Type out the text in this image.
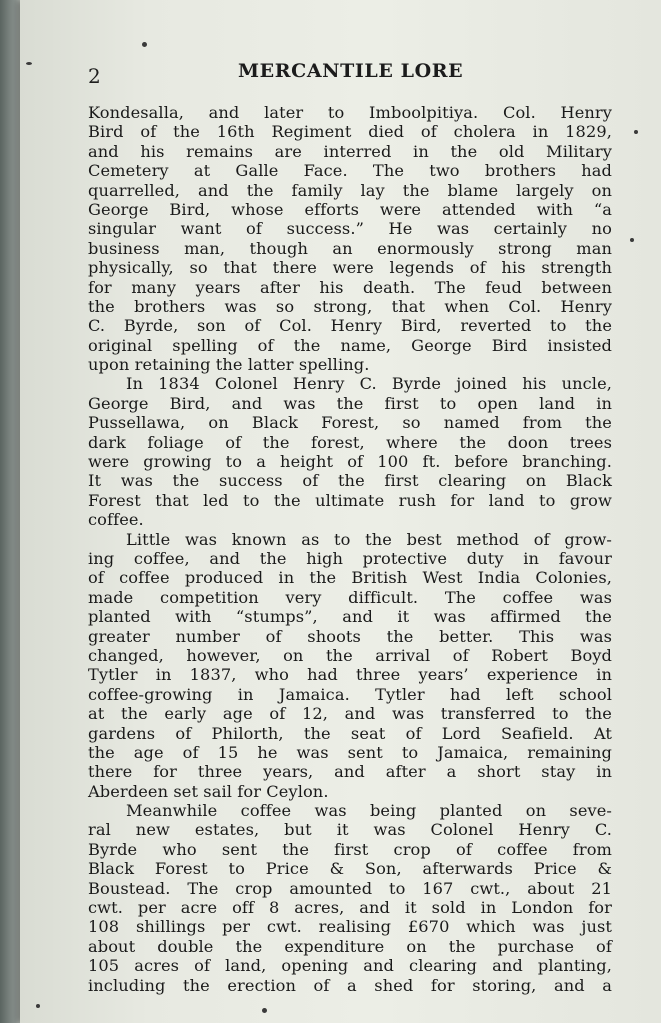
2	MERCANTILE LORE
Kondesalla, and later to Imboolpitiya. Col. Henry
Bird of the 16th Regiment died of cholera in 1829,
and his remains are interred in the old Military
Cemetery at Galle Face. The two brothers had
quarrelled, and the family lay the blame largely on
George Bird, whose efforts were attended with “a
singular want of success.” He was certainly no
business man, though an enormously strong man
physically, so that there were legends of his strength
for many years after his death. The feud between
the brothers was so strong, that when Col. Henry
C. Byrde, son of Col. Henry Bird, reverted to the
original spelling of the name, George Bird insisted
upon retaining the latter spelling.
In 1834 Colonel Henry C. Byrde joined his uncle,
George Bird, and was the first to open land in
Pussellawa, on Black Forest, so named from the
dark foliage of the forest, where the doon trees
were growing to a height of 100 ft. before branching.
It was the success of the first clearing on Black
Forest that led to the ultimate rush for land to grow
coffee.
Little was known as to the best method of grow-
ing coffee, and the high protective duty in favour
of coffee produced in the British West India Colonies,
made competition very difficult. The coffee was
planted with “stumps”, and it was affirmed the
greater number of shoots the better. This was
changed, however, on the arrival of Robert Boyd
Tytler in 1837, who had three years’ experience in
coffee-growing in Jamaica. Tytler had left school
at the early age of 12, and was transferred to the
gardens of Philorth, the seat of Lord Seafield. At
the age of 15 he was sent to Jamaica, remaining
there for three years, and after a short stay in
Aberdeen set sail for Ceylon.
Meanwhile coffee was being planted on seve-
ral new estates, but it was Colonel Henry C.
Byrde who sent the first crop of coffee from
Black Forest to Price & Son, afterwards Price &
Boustead. The crop amounted to 167 cwt., about 21
cwt. per acre off 8 acres, and it sold in London for
108 shillings per cwt. realising £670 which was just
about double the expenditure on the purchase of
105 acres of land, opening and clearing and planting,
including the erection of a shed for storing, and a
